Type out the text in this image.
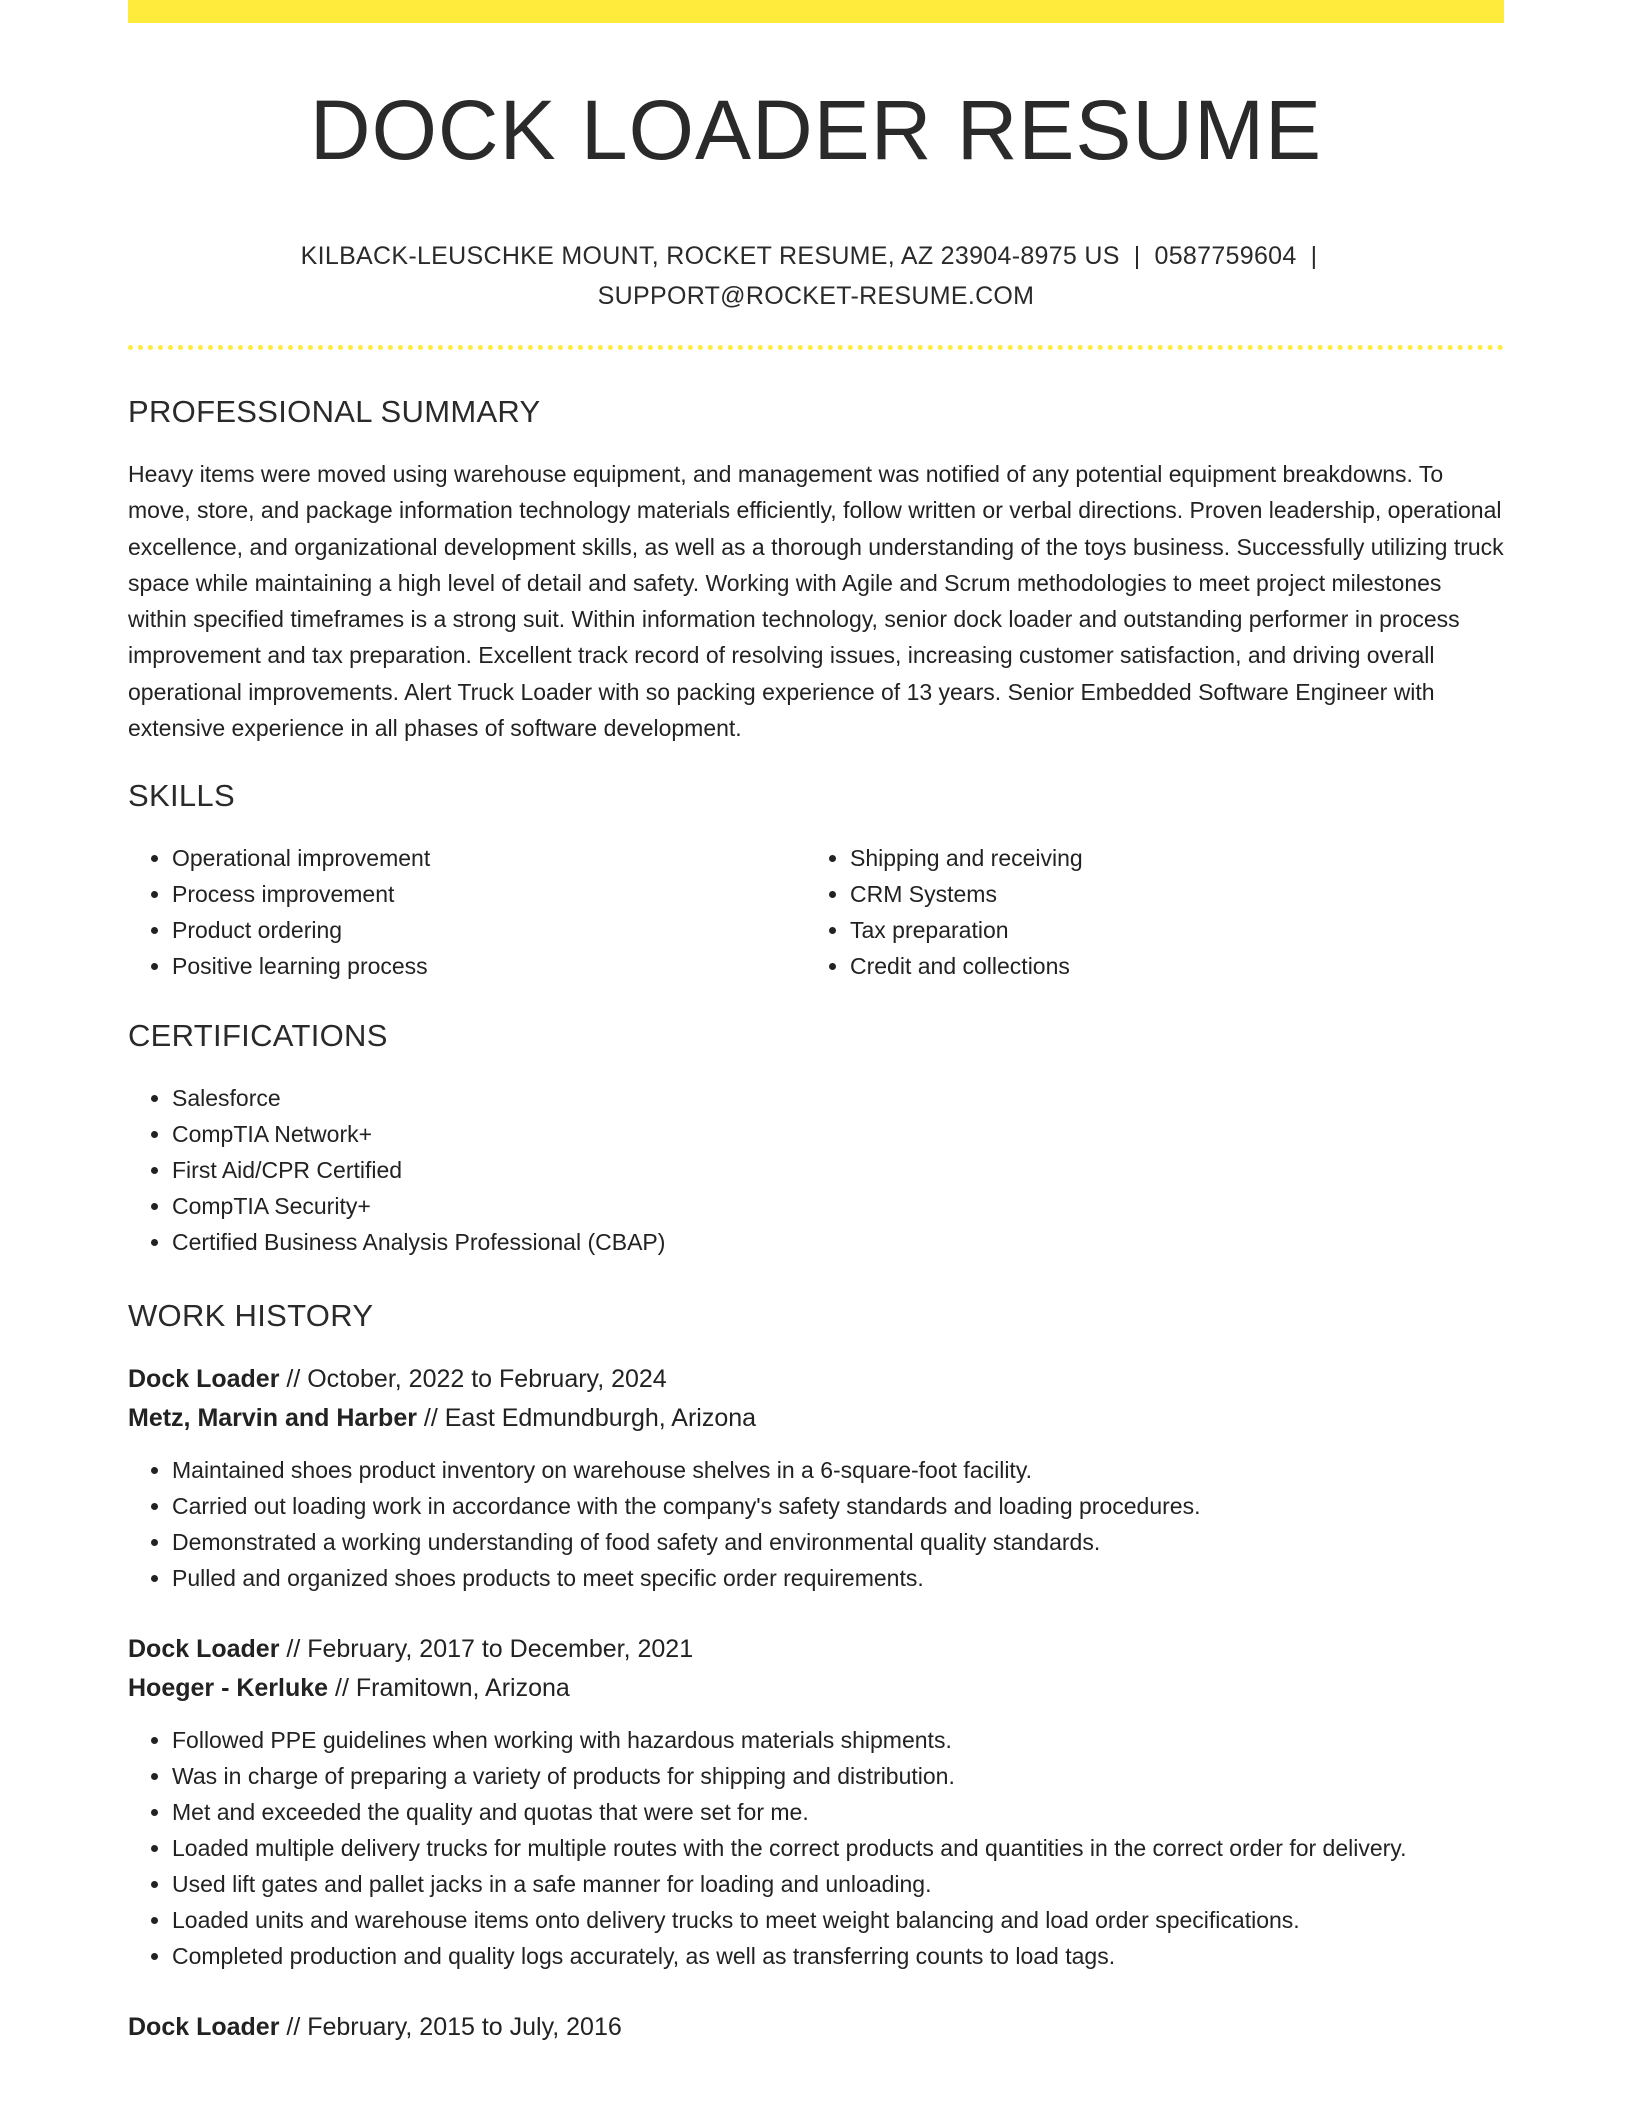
DOCK LOADER RESUME
KILBACK-LEUSCHKE MOUNT, ROCKET RESUME, AZ 23904-8975 US | 0587759604 |
SUPPORT@ROCKET-RESUME.COM
PROFESSIONAL SUMMARY

Heavy items were moved using warehouse equipment, and management was notified of any potential equipment breakdowns. To move, store, and package information technology materials efficiently, follow written or verbal directions. Proven leadership, operational excellence, and organizational development skills, as well as a thorough understanding of the toys business. Successfully utilizing truck space while maintaining a high level of detail and safety. Working with Agile and Scrum methodologies to meet project milestones within specified timeframes is a strong suit. Within information technology, senior dock loader and outstanding performer in process improvement and tax preparation. Excellent track record of resolving issues, increasing customer satisfaction, and driving overall operational improvements. Alert Truck Loader with so packing experience of 13 years. Senior Embedded Software Engineer with extensive experience in all phases of software development.

SKILLS
• Operational improvement
• Process improvement
• Product ordering
• Positive learning process
• Shipping and receiving
• CRM Systems
• Tax preparation
• Credit and collections
CERTIFICATIONS
• Salesforce
• CompTIA Network+
• First Aid/CPR Certified
• CompTIA Security+
• Certified Business Analysis Professional (CBAP)
WORK HISTORY
Dock Loader // October, 2022 to February, 2024
Metz, Marvin and Harber // East Edmundburgh, Arizona
• Maintained shoes product inventory on warehouse shelves in a 6-square-foot facility.
• Carried out loading work in accordance with the company's safety standards and loading procedures.
• Demonstrated a working understanding of food safety and environmental quality standards.
• Pulled and organized shoes products to meet specific order requirements.
Dock Loader // February, 2017 to December, 2021
Hoeger - Kerluke // Framitown, Arizona
• Followed PPE guidelines when working with hazardous materials shipments.
• Was in charge of preparing a variety of products for shipping and distribution.
• Met and exceeded the quality and quotas that were set for me.
• Loaded multiple delivery trucks for multiple routes with the correct products and quantities in the correct order for delivery.
• Used lift gates and pallet jacks in a safe manner for loading and unloading.
• Loaded units and warehouse items onto delivery trucks to meet weight balancing and load order specifications.
• Completed production and quality logs accurately, as well as transferring counts to load tags.
Dock Loader // February, 2015 to July, 2016
